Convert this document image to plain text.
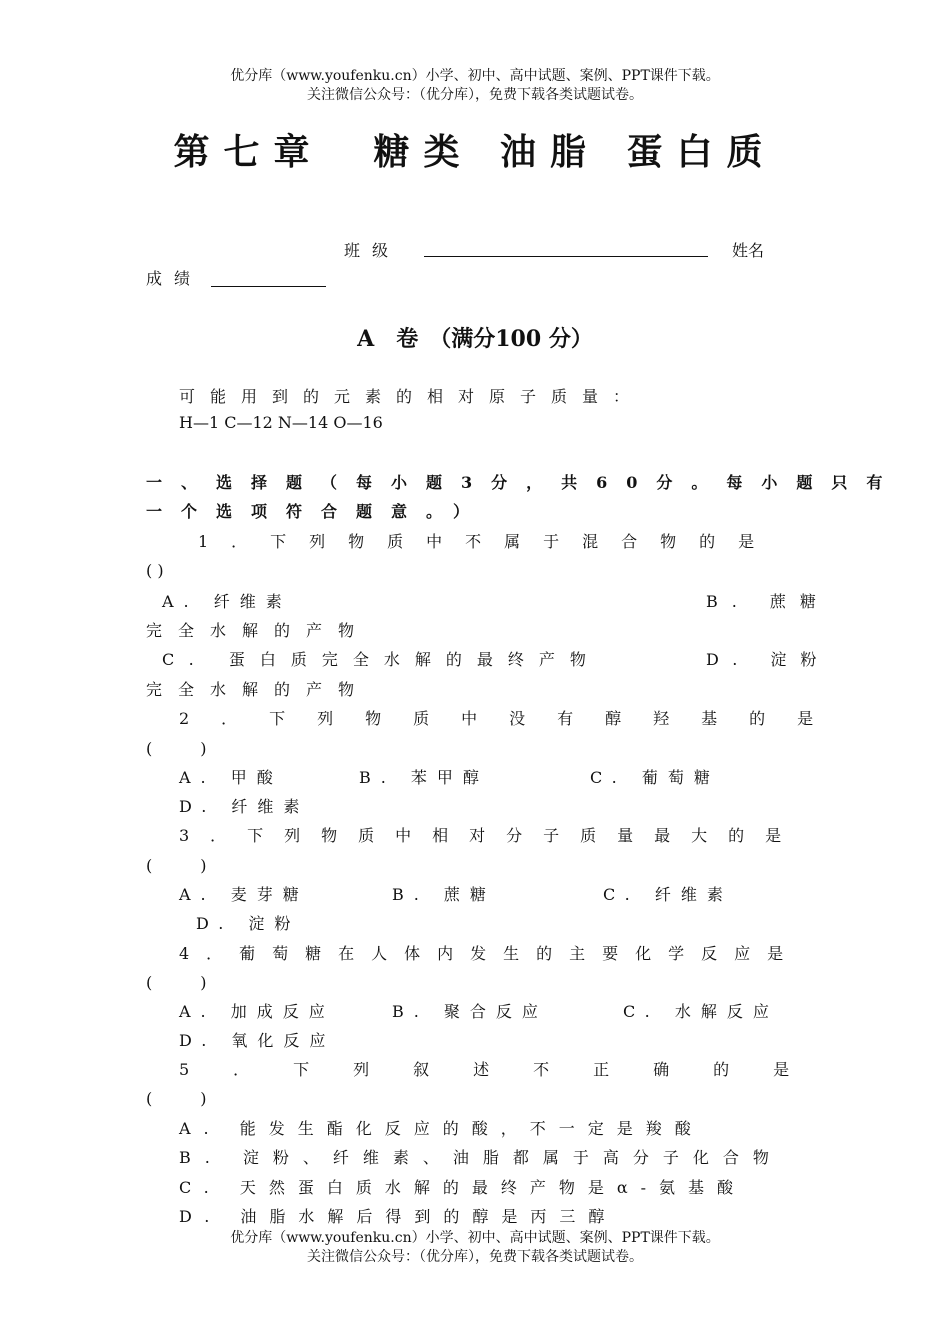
优分库（www.youfenku.cn）小学、初中、高中试题、案例、PPT课件下载。
关注微信公众号：（优分库），免费下载各类试题试卷。
第七章　糖类 油脂 蛋白质
班级	姓名
成绩
A　卷　（满分100 分）
可能用到的元素的相对原子质量：
H—1 C—12 N—14 O—16
一、选择题（每小题3分，共60分。每小题只有
一个选项符合题意。）
1．下列物质中不属于混合物的是
( )
A. 纤维素	B. 蔗糖
完全水解的产物
C. 蛋白质完全水解的最终产物	D. 淀粉
完全水解的产物
2．下列物质中没有醇羟基的是
(　　　)
A. 甲酸	B. 苯甲醇	C. 葡萄糖
D. 纤维素
3．下列物质中相对分子质量最大的是
(　　　)
A. 麦芽糖	B. 蔗糖	C. 纤维素
D. 淀粉
4．葡萄糖在人体内发生的主要化学反应是
(　　　)
A. 加成反应	B. 聚合反应	C. 水解反应
D. 氧化反应
5．下列叙述不正确的是
(　　　)
A. 能发生酯化反应的酸，不一定是羧酸
B. 淀粉、纤维素、油脂都属于高分子化合物
C. 天然蛋白质水解的最终产物是α-氨基酸
D. 油脂水解后得到的醇是丙三醇
优分库（www.youfenku.cn）小学、初中、高中试题、案例、PPT课件下载。
关注微信公众号：（优分库），免费下载各类试题试卷。
